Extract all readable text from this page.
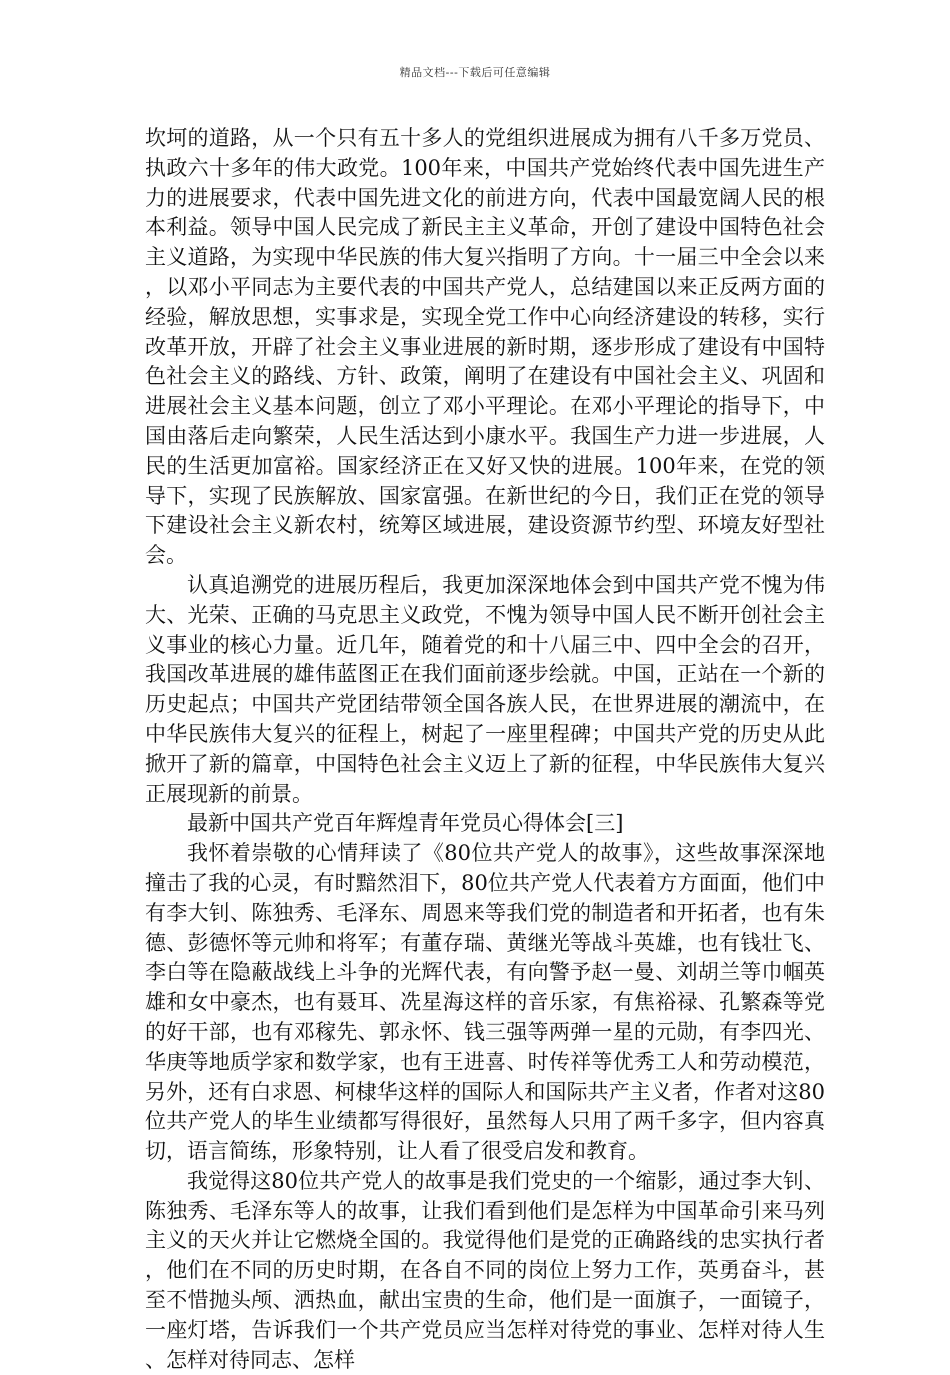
精品文档---下载后可任意编辑

坎坷的道路，从一个只有五十多人的党组织进展成为拥有八千多万党员、执政六十多年的伟大政党。100年来，中国共产党始终代表中国先进生产力的进展要求，代表中国先进文化的前进方向，代表中国最宽阔人民的根本利益。领导中国人民完成了新民主主义革命，开创了建设中国特色社会主义道路，为实现中华民族的伟大复兴指明了方向。十一届三中全会以来，以邓小平同志为主要代表的中国共产党人，总结建国以来正反两方面的经验，解放思想，实事求是，实现全党工作中心向经济建设的转移，实行改革开放，开辟了社会主义事业进展的新时期，逐步形成了建设有中国特色社会主义的路线、方针、政策，阐明了在建设有中国社会主义、巩固和进展社会主义基本问题，创立了邓小平理论。在邓小平理论的指导下，中国由落后走向繁荣，人民生活达到小康水平。我国生产力进一步进展，人民的生活更加富裕。国家经济正在又好又快的进展。100年来，在党的领导下，实现了民族解放、国家富强。在新世纪的今日，我们正在党的领导下建设社会主义新农村，统筹区域进展，建设资源节约型、环境友好型社会。

认真追溯党的进展历程后，我更加深深地体会到中国共产党不愧为伟大、光荣、正确的马克思主义政党，不愧为领导中国人民不断开创社会主义事业的核心力量。近几年，随着党的和十八届三中、四中全会的召开，我国改革进展的雄伟蓝图正在我们面前逐步绘就。中国，正站在一个新的历史起点；中国共产党团结带领全国各族人民，在世界进展的潮流中，在中华民族伟大复兴的征程上，树起了一座里程碑；中国共产党的历史从此掀开了新的篇章，中国特色社会主义迈上了新的征程，中华民族伟大复兴正展现新的前景。

最新中国共产党百年辉煌青年党员心得体会[三]

我怀着崇敬的心情拜读了《80位共产党人的故事》，这些故事深深地撞击了我的心灵，有时黯然泪下，80位共产党人代表着方方面面，他们中有李大钊、陈独秀、毛泽东、周恩来等我们党的制造者和开拓者，也有朱德、彭德怀等元帅和将军；有董存瑞、黄继光等战斗英雄，也有钱壮飞、李白等在隐蔽战线上斗争的光辉代表，有向警予赵一曼、刘胡兰等巾帼英雄和女中豪杰，也有聂耳、冼星海这样的音乐家，有焦裕禄、孔繁森等党的好干部，也有邓稼先、郭永怀、钱三强等两弹一星的元勋，有李四光、华庚等地质学家和数学家，也有王进喜、时传祥等优秀工人和劳动模范，另外，还有白求恩、柯棣华这样的国际人和国际共产主义者，作者对这80位共产党人的毕生业绩都写得很好，虽然每人只用了两千多字，但内容真切，语言简练，形象特别，让人看了很受启发和教育。

我觉得这80位共产党人的故事是我们党史的一个缩影，通过李大钊、陈独秀、毛泽东等人的故事，让我们看到他们是怎样为中国革命引来马列主义的天火并让它燃烧全国的。我觉得他们是党的正确路线的忠实执行者，他们在不同的历史时期，在各自不同的岗位上努力工作，英勇奋斗，甚至不惜抛头颅、洒热血，献出宝贵的生命，他们是一面旗子，一面镜子，一座灯塔，告诉我们一个共产党员应当怎样对待党的事业、怎样对待人生、怎样对待同志、怎样
